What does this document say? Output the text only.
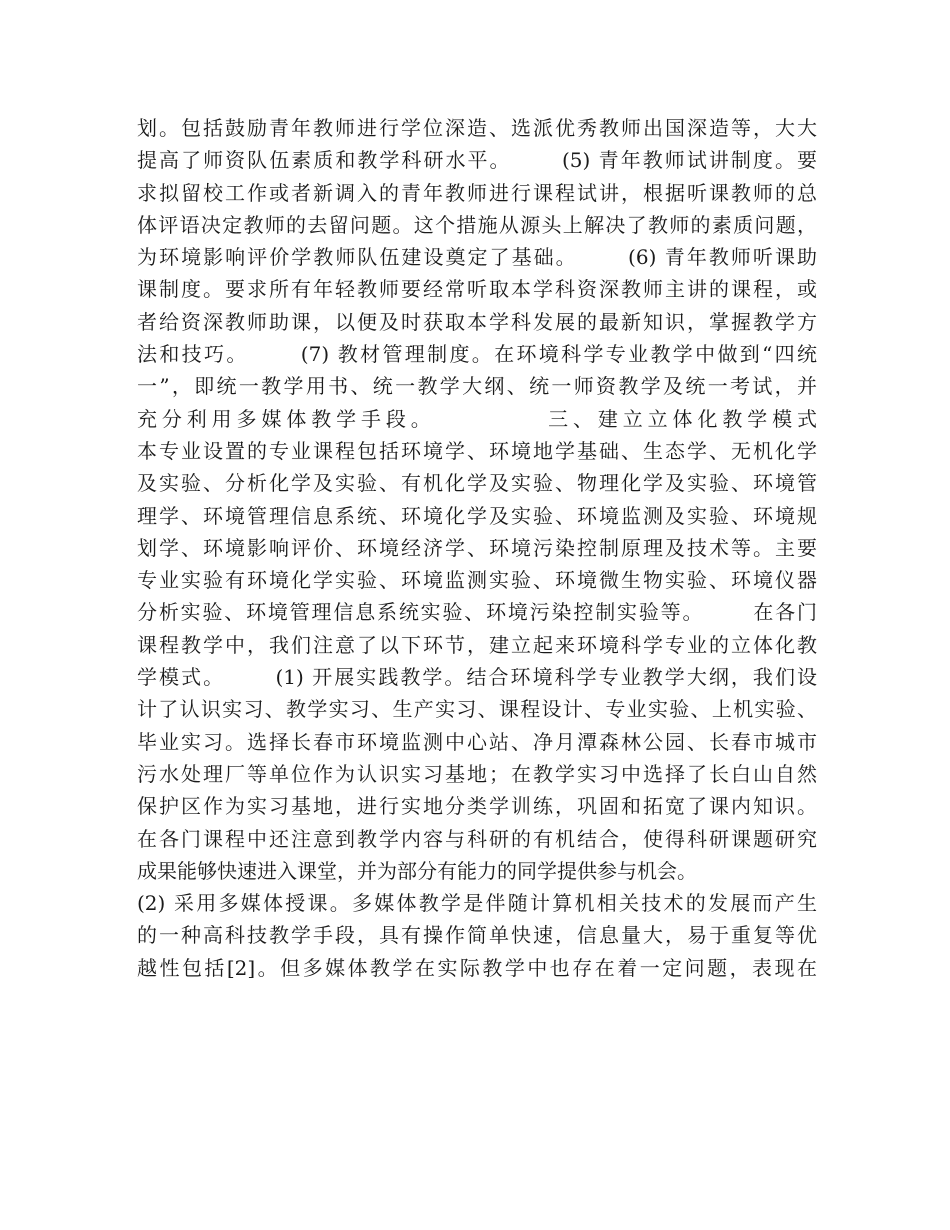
划。包括鼓励青年教师进行学位深造、选派优秀教师出国深造等，大大
提高了师资队伍素质和教学科研水平。      (5) 青年教师试讲制度。要
求拟留校工作或者新调入的青年教师进行课程试讲，根据听课教师的总
体评语决定教师的去留问题。这个措施从源头上解决了教师的素质问题，
为环境影响评价学教师队伍建设奠定了基础。      (6) 青年教师听课助
课制度。要求所有年轻教师要经常听取本学科资深教师主讲的课程，或
者给资深教师助课，以便及时获取本学科发展的最新知识，掌握教学方
法和技巧。      (7) 教材管理制度。在环境科学专业教学中做到“四统
一”，即统一教学用书、统一教学大纲、统一师资教学及统一考试，并
充分利用多媒体教学手段。          三、建立立体化教学模式
本专业设置的专业课程包括环境学、环境地学基础、生态学、无机化学
及实验、分析化学及实验、有机化学及实验、物理化学及实验、环境管
理学、环境管理信息系统、环境化学及实验、环境监测及实验、环境规
划学、环境影响评价、环境经济学、环境污染控制原理及技术等。主要
专业实验有环境化学实验、环境监测实验、环境微生物实验、环境仪器
分析实验、环境管理信息系统实验、环境污染控制实验等。      在各门
课程教学中，我们注意了以下环节，建立起来环境科学专业的立体化教
学模式。      (1) 开展实践教学。结合环境科学专业教学大纲，我们设
计了认识实习、教学实习、生产实习、课程设计、专业实验、上机实验、
毕业实习。选择长春市环境监测中心站、净月潭森林公园、长春市城市
污水处理厂等单位作为认识实习基地；在教学实习中选择了长白山自然
保护区作为实习基地，进行实地分类学训练，巩固和拓宽了课内知识。
在各门课程中还注意到教学内容与科研的有机结合，使得科研课题研究
成果能够快速进入课堂，并为部分有能力的同学提供参与机会。
(2) 采用多媒体授课。多媒体教学是伴随计算机相关技术的发展而产生
的一种高科技教学手段，具有操作简单快速，信息量大，易于重复等优
越性包括[2]。但多媒体教学在实际教学中也存在着一定问题，表现在
